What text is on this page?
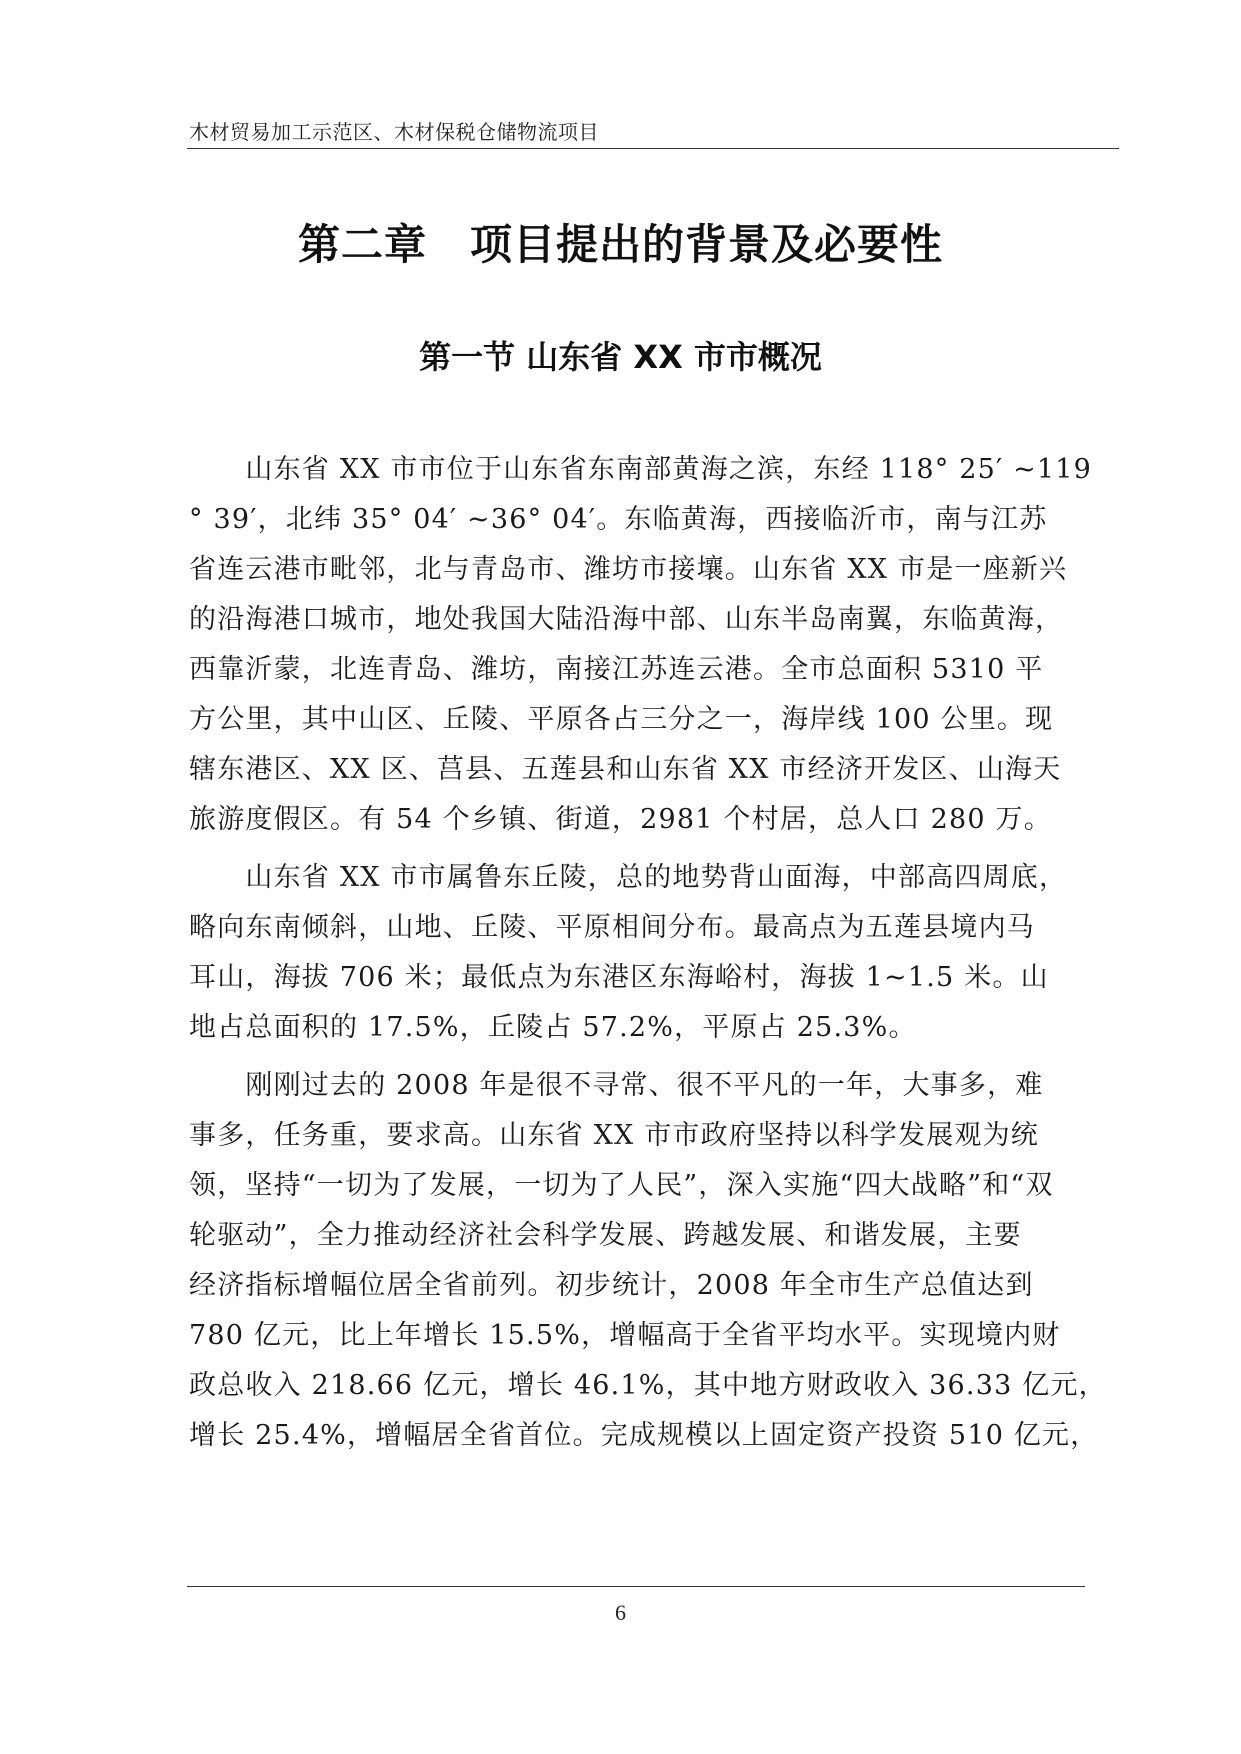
木材贸易加工示范区、木材保税仓储物流项目
第二章　项目提出的背景及必要性
第一节 山东省 XX 市市概况
　　山东省 XX 市市位于山东省东南部黄海之滨，东经 118° 25′ ~119
° 39′，北纬 35° 04′ ~36° 04′。东临黄海，西接临沂市，南与江苏
省连云港市毗邻，北与青岛市、潍坊市接壤。山东省 XX 市是一座新兴
的沿海港口城市，地处我国大陆沿海中部、山东半岛南翼，东临黄海，
西靠沂蒙，北连青岛、潍坊，南接江苏连云港。全市总面积 5310 平
方公里，其中山区、丘陵、平原各占三分之一，海岸线 100 公里。现
辖东港区、XX 区、莒县、五莲县和山东省 XX 市经济开发区、山海天
旅游度假区。有 54 个乡镇、街道，2981 个村居，总人口 280 万。
　　山东省 XX 市市属鲁东丘陵，总的地势背山面海，中部高四周底，
略向东南倾斜，山地、丘陵、平原相间分布。最高点为五莲县境内马
耳山，海拔 706 米；最低点为东港区东海峪村，海拔 1~1.5 米。山
地占总面积的 17.5%，丘陵占 57.2%，平原占 25.3%。
　　刚刚过去的 2008 年是很不寻常、很不平凡的一年，大事多，难
事多，任务重，要求高。山东省 XX 市市政府坚持以科学发展观为统
领，坚持“一切为了发展，一切为了人民”，深入实施“四大战略”和“双
轮驱动”，全力推动经济社会科学发展、跨越发展、和谐发展，主要
经济指标增幅位居全省前列。初步统计，2008 年全市生产总值达到
780 亿元，比上年增长 15.5%，增幅高于全省平均水平。实现境内财
政总收入 218.66 亿元，增长 46.1%，其中地方财政收入 36.33 亿元，
增长 25.4%，增幅居全省首位。完成规模以上固定资产投资 510 亿元，
6
